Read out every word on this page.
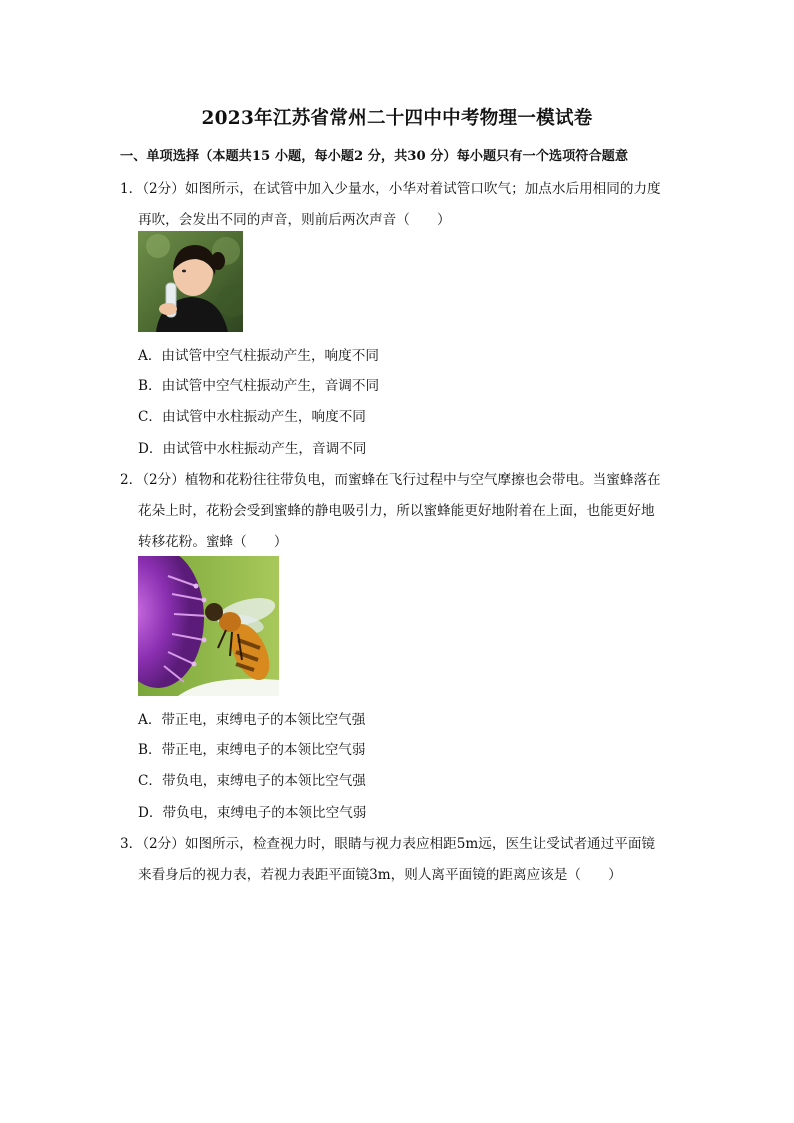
2023年江苏省常州二十四中中考物理一模试卷
一、单项选择（本题共15 小题，每小题2 分，共30 分）每小题只有一个选项符合题意
1．（2分）如图所示，在试管中加入少量水，小华对着试管口吹气；加点水后用相同的力度
再吹，会发出不同的声音，则前后两次声音（　　）
A．由试管中空气柱振动产生，响度不同
B．由试管中空气柱振动产生，音调不同
C．由试管中水柱振动产生，响度不同
D．由试管中水柱振动产生，音调不同
2．（2分）植物和花粉往往带负电，而蜜蜂在飞行过程中与空气摩擦也会带电。当蜜蜂落在
花朵上时，花粉会受到蜜蜂的静电吸引力，所以蜜蜂能更好地附着在上面，也能更好地
转移花粉。蜜蜂（　　）
A．带正电，束缚电子的本领比空气强
B．带正电，束缚电子的本领比空气弱
C．带负电，束缚电子的本领比空气强
D．带负电，束缚电子的本领比空气弱
3．（2分）如图所示，检查视力时，眼睛与视力表应相距5m远，医生让受试者通过平面镜
来看身后的视力表，若视力表距平面镜3m，则人离平面镜的距离应该是（　　）
